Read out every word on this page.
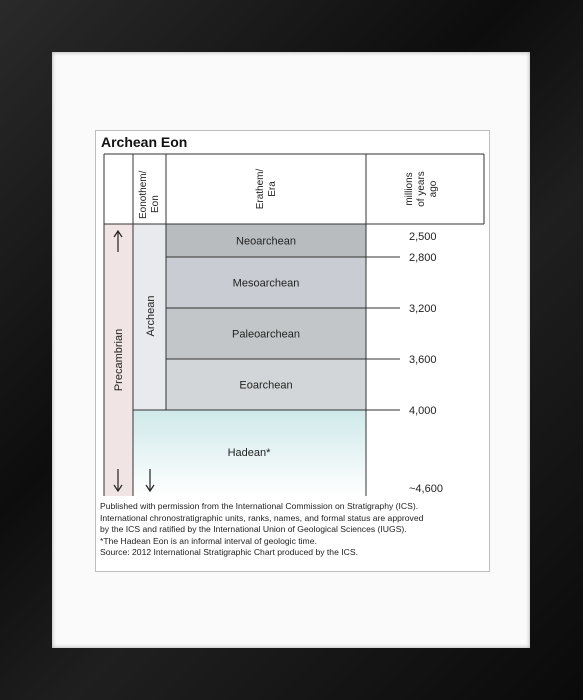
Archean Eon
Eonothem/ Eon	Erathem/ Era	millions of years ago
Precambrian
Archean
Neoarchean
Mesoarchean
Paleoarchean
Eoarchean
Hadean*
2,500
2,800
3,200
3,600
4,000
~4,600
Published with permission from the International Commission on Stratigraphy (ICS).
International chronostratigraphic units, ranks, names, and formal status are approved
by the ICS and ratified by the International Union of Geological Sciences (IUGS).
*The Hadean Eon is an informal interval of geologic time.
Source: 2012 International Stratigraphic Chart produced by the ICS.
